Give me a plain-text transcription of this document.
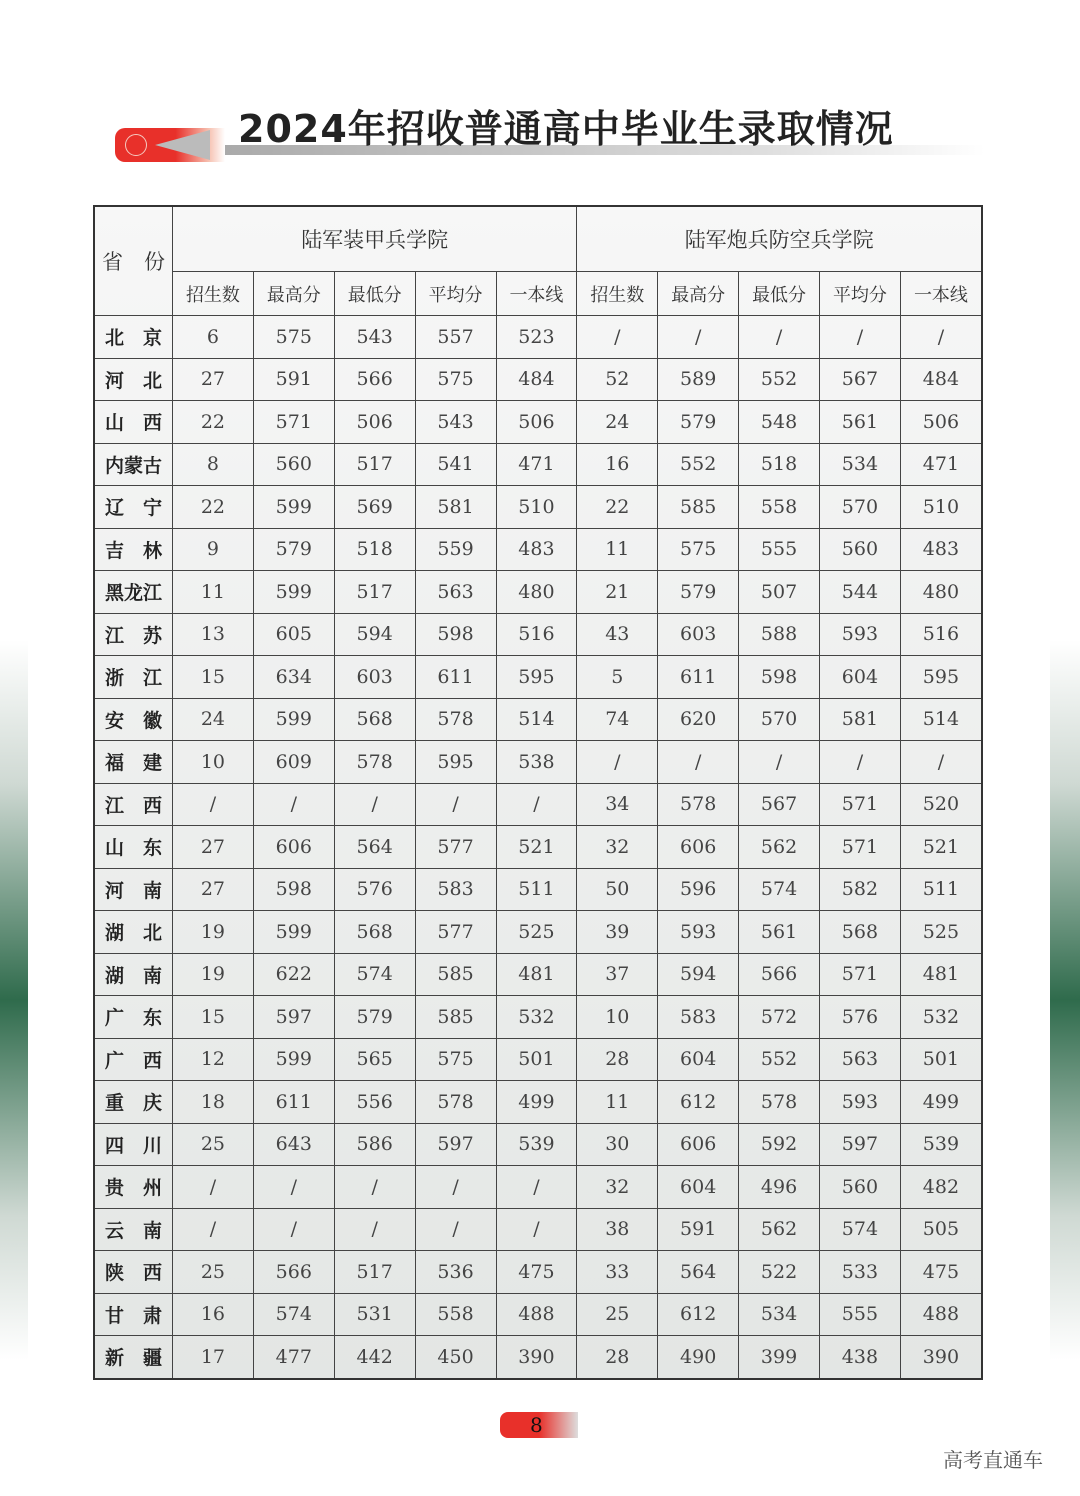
2024年招收普通高中毕业生录取情况
省　份	陆军装甲兵学院					陆军炮兵防空兵学院				
	招生数	最高分	最低分	平均分	一本线	招生数	最高分	最低分	平均分	一本线
北　京	6	575	543	557	523	/	/	/	/	/
河　北	27	591	566	575	484	52	589	552	567	484
山　西	22	571	506	543	506	24	579	548	561	506
内蒙古	8	560	517	541	471	16	552	518	534	471
辽　宁	22	599	569	581	510	22	585	558	570	510
吉　林	9	579	518	559	483	11	575	555	560	483
黑龙江	11	599	517	563	480	21	579	507	544	480
江　苏	13	605	594	598	516	43	603	588	593	516
浙　江	15	634	603	611	595	5	611	598	604	595
安　徽	24	599	568	578	514	74	620	570	581	514
福　建	10	609	578	595	538	/	/	/	/	/
江　西	/	/	/	/	/	34	578	567	571	520
山　东	27	606	564	577	521	32	606	562	571	521
河　南	27	598	576	583	511	50	596	574	582	511
湖　北	19	599	568	577	525	39	593	561	568	525
湖　南	19	622	574	585	481	37	594	566	571	481
广　东	15	597	579	585	532	10	583	572	576	532
广　西	12	599	565	575	501	28	604	552	563	501
重　庆	18	611	556	578	499	11	612	578	593	499
四　川	25	643	586	597	539	30	606	592	597	539
贵　州	/	/	/	/	/	32	604	496	560	482
云　南	/	/	/	/	/	38	591	562	574	505
陕　西	25	566	517	536	475	33	564	522	533	475
甘　肃	16	574	531	558	488	25	612	534	555	488
新　疆	17	477	442	450	390	28	490	399	438	390
8
高考直通车
